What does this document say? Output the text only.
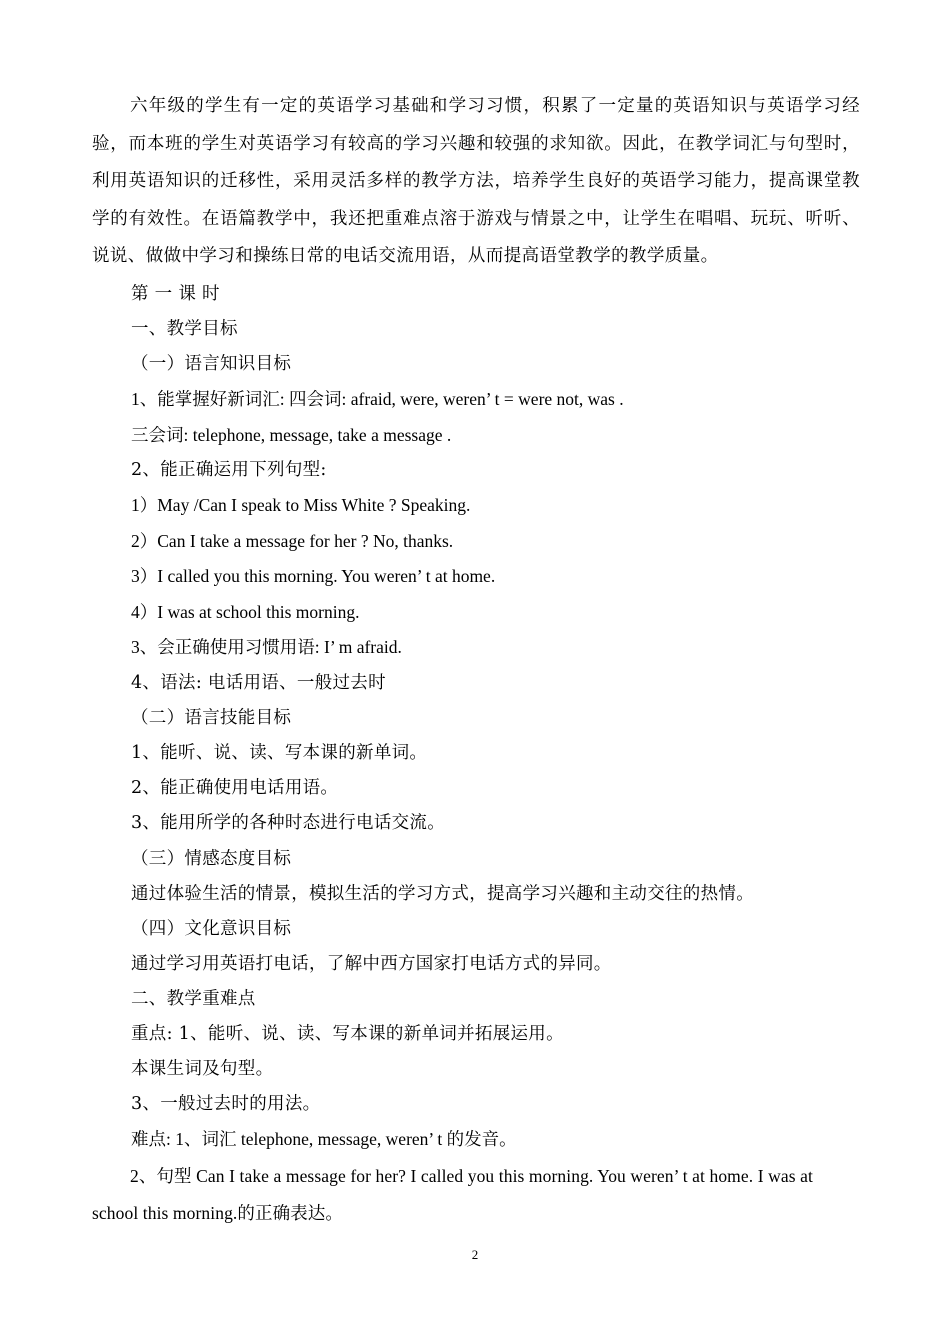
六年级的学生有一定的英语学习基础和学习习惯，积累了一定量的英语知识与英语学习经验，而本班的学生对英语学习有较高的学习兴趣和较强的求知欲。因此，在教学词汇与句型时，利用英语知识的迁移性，采用灵活多样的教学方法，培养学生良好的英语学习能力，提高课堂教学的有效性。在语篇教学中，我还把重难点溶于游戏与情景之中，让学生在唱唱、玩玩、听听、说说、做做中学习和操练日常的电话交流用语，从而提高语堂教学的教学质量。

第 一 课 时

一、教学目标

（一）语言知识目标

1、能掌握好新词汇: 四会词: afraid, were, weren’ t = were not, was .

三会词: telephone, message, take a message .

2、能正确运用下列句型:

1）May /Can I speak to Miss White ? Speaking.

2）Can I take a message for her ? No, thanks.

3）I called you this morning. You weren’ t at home.

4）I was at school this morning.

3、会正确使用习惯用语: I’ m afraid.

4、语法: 电话用语、一般过去时

（二）语言技能目标

1、能听、说、读、写本课的新单词。

2、能正确使用电话用语。

3、能用所学的各种时态进行电话交流。

（三）情感态度目标

通过体验生活的情景，模拟生活的学习方式，提高学习兴趣和主动交往的热情。

（四）文化意识目标

通过学习用英语打电话，了解中西方国家打电话方式的异同。

二、教学重难点

重点: 1、能听、说、读、写本课的新单词并拓展运用。

本课生词及句型。

3、一般过去时的用法。

难点: 1、词汇 telephone, message, weren’ t 的发音。

2、句型 Can I take a message for her? I called you this morning. You weren’ t at home. I was at school this morning.的正确表达。

2
